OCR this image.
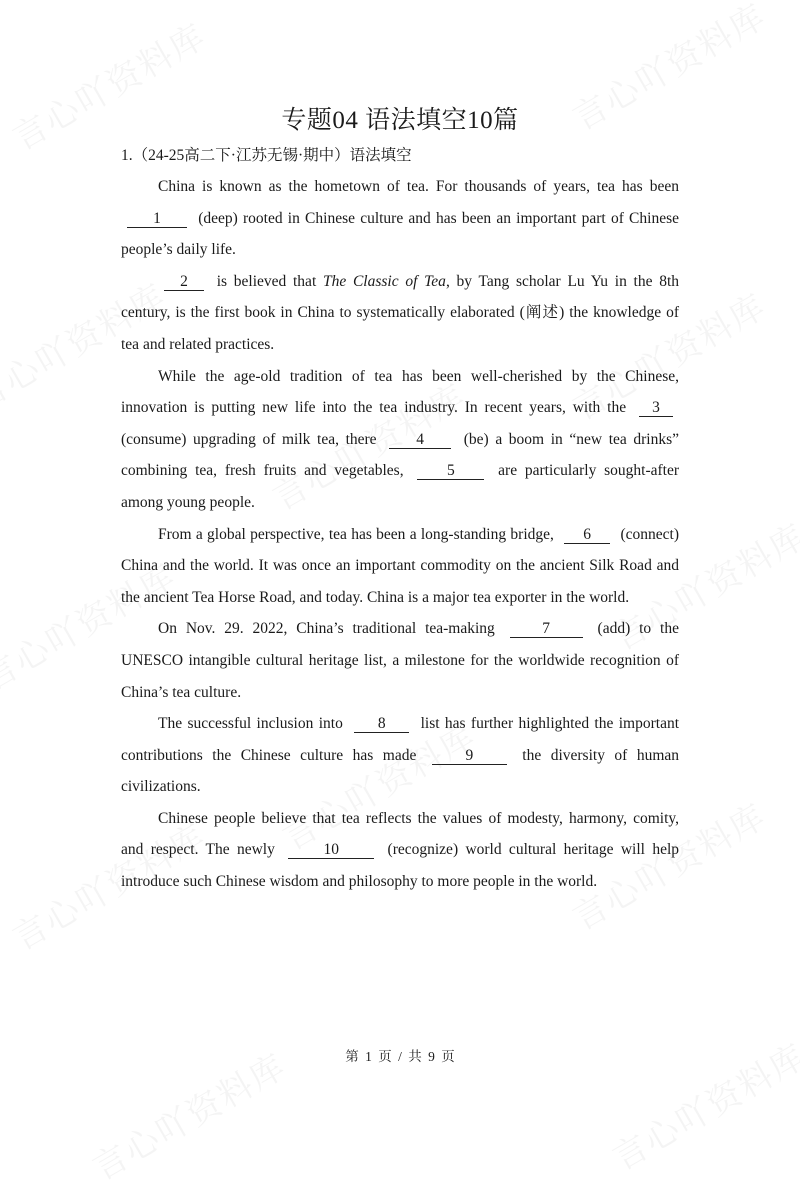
专题04 语法填空10篇
1.（24-25高二下·江苏无锡·期中）语法填空

China is known as the hometown of tea. For thousands of years, tea has been 1 (deep) rooted in Chinese culture and has been an important part of Chinese people’s daily life.

2 is believed that The Classic of Tea, by Tang scholar Lu Yu in the 8th century, is the first book in China to systematically elaborated (阐述) the knowledge of tea and related practices.

While the age-old tradition of tea has been well-cherished by the Chinese, innovation is putting new life into the tea industry. In recent years, with the 3 (consume) upgrading of milk tea, there 4 (be) a boom in “new tea drinks” combining tea, fresh fruits and vegetables, 5 are particularly sought-after among young people.

From a global perspective, tea has been a long-standing bridge, 6 (connect) China and the world. It was once an important commodity on the ancient Silk Road and the ancient Tea Horse Road, and today. China is a major tea exporter in the world.

On Nov. 29. 2022, China’s traditional tea-making 7 (add) to the UNESCO intangible cultural heritage list, a milestone for the worldwide recognition of China’s tea culture.

The successful inclusion into 8 list has further highlighted the important contributions the Chinese culture has made	9	the diversity of human civilizations.

Chinese people believe that tea reflects the values of modesty, harmony, comity, and respect. The newly	10	(recognize) world cultural heritage will help introduce such Chinese wisdom and philosophy to more people in the world.

第 1 页 / 共 9 页
